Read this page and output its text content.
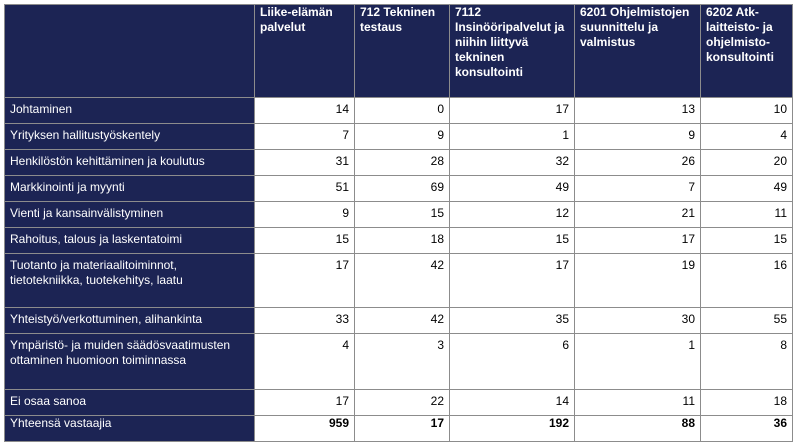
	Liike-elämän palvelut	712 Tekninen testaus	7112 Insinööripalvelut ja niihin liittyvä tekninen konsultointi	6201 Ohjelmistojen suunnittelu ja valmistus	6202 Atk-laitteisto- ja ohjelmisto-konsultointi
Johtaminen	14	0	17	13	10
Yrityksen hallitustyöskentely	7	9	1	9	4
Henkilöstön kehittäminen ja koulutus	31	28	32	26	20
Markkinointi ja myynti	51	69	49	7	49
Vienti ja kansainvälistyminen	9	15	12	21	11
Rahoitus, talous ja laskentatoimi	15	18	15	17	15
Tuotanto ja materiaalitoiminnot, tietotekniikka, tuotekehitys, laatu	17	42	17	19	16
Yhteistyö/verkottuminen, alihankinta	33	42	35	30	55
Ympäristö- ja muiden säädösvaatimusten ottaminen huomioon toiminnassa	4	3	6	1	8
Ei osaa sanoa	17	22	14	11	18
Yhteensä vastaajia	959	17	192	88	36
